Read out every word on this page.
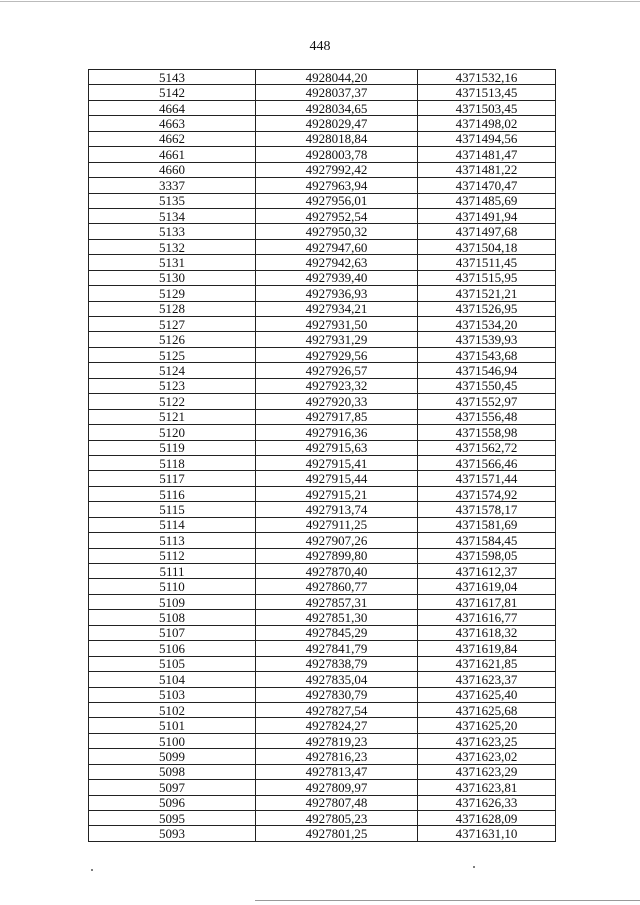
448
5143	4928044,20	4371532,16
5142	4928037,37	4371513,45
4664	4928034,65	4371503,45
4663	4928029,47	4371498,02
4662	4928018,84	4371494,56
4661	4928003,78	4371481,47
4660	4927992,42	4371481,22
3337	4927963,94	4371470,47
5135	4927956,01	4371485,69
5134	4927952,54	4371491,94
5133	4927950,32	4371497,68
5132	4927947,60	4371504,18
5131	4927942,63	4371511,45
5130	4927939,40	4371515,95
5129	4927936,93	4371521,21
5128	4927934,21	4371526,95
5127	4927931,50	4371534,20
5126	4927931,29	4371539,93
5125	4927929,56	4371543,68
5124	4927926,57	4371546,94
5123	4927923,32	4371550,45
5122	4927920,33	4371552,97
5121	4927917,85	4371556,48
5120	4927916,36	4371558,98
5119	4927915,63	4371562,72
5118	4927915,41	4371566,46
5117	4927915,44	4371571,44
5116	4927915,21	4371574,92
5115	4927913,74	4371578,17
5114	4927911,25	4371581,69
5113	4927907,26	4371584,45
5112	4927899,80	4371598,05
5111	4927870,40	4371612,37
5110	4927860,77	4371619,04
5109	4927857,31	4371617,81
5108	4927851,30	4371616,77
5107	4927845,29	4371618,32
5106	4927841,79	4371619,84
5105	4927838,79	4371621,85
5104	4927835,04	4371623,37
5103	4927830,79	4371625,40
5102	4927827,54	4371625,68
5101	4927824,27	4371625,20
5100	4927819,23	4371623,25
5099	4927816,23	4371623,02
5098	4927813,47	4371623,29
5097	4927809,97	4371623,81
5096	4927807,48	4371626,33
5095	4927805,23	4371628,09
5093	4927801,25	4371631,10
